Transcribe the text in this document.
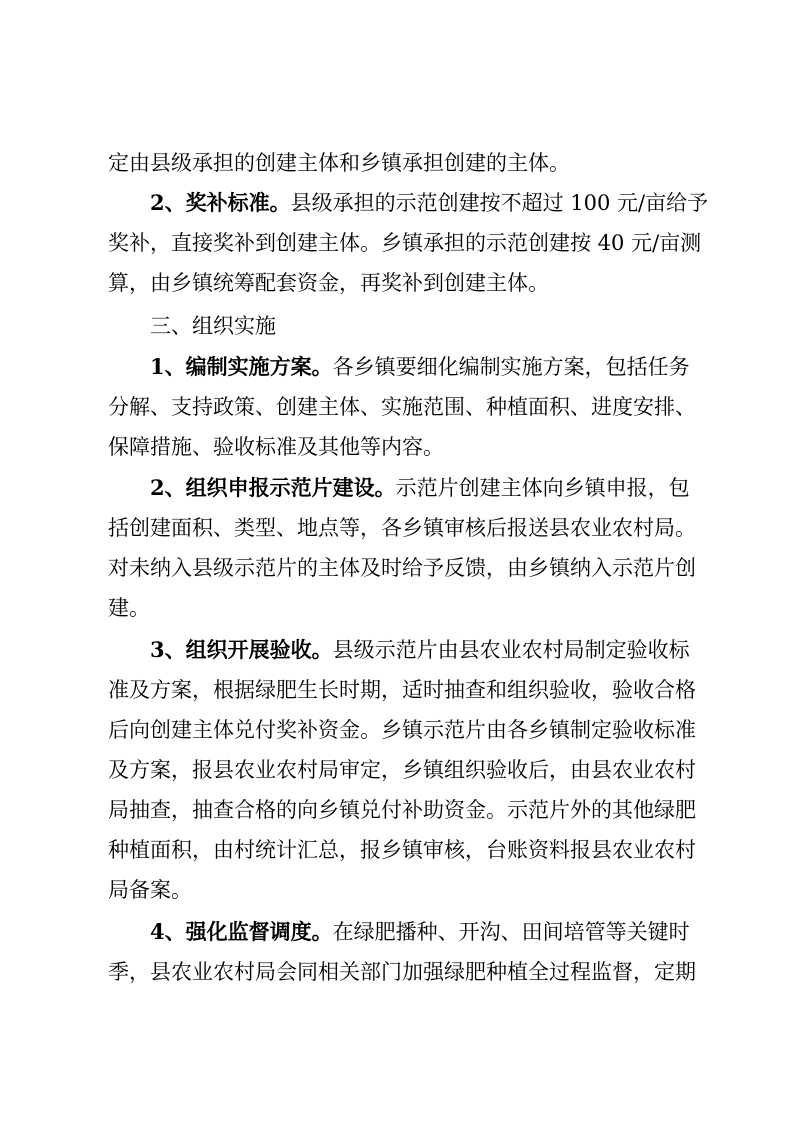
定由县级承担的创建主体和乡镇承担创建的主体。
2、奖补标准。县级承担的示范创建按不超过 100 元/亩给予
奖补，直接奖补到创建主体。乡镇承担的示范创建按 40 元/亩测
算，由乡镇统筹配套资金，再奖补到创建主体。
三、组织实施
1、编制实施方案。各乡镇要细化编制实施方案，包括任务
分解、支持政策、创建主体、实施范围、种植面积、进度安排、
保障措施、验收标准及其他等内容。
2、组织申报示范片建设。示范片创建主体向乡镇申报，包
括创建面积、类型、地点等，各乡镇审核后报送县农业农村局。
对未纳入县级示范片的主体及时给予反馈，由乡镇纳入示范片创
建。
3、组织开展验收。县级示范片由县农业农村局制定验收标
准及方案，根据绿肥生长时期，适时抽查和组织验收，验收合格
后向创建主体兑付奖补资金。乡镇示范片由各乡镇制定验收标准
及方案，报县农业农村局审定，乡镇组织验收后，由县农业农村
局抽查，抽查合格的向乡镇兑付补助资金。示范片外的其他绿肥
种植面积，由村统计汇总，报乡镇审核，台账资料报县农业农村
局备案。
4、强化监督调度。在绿肥播种、开沟、田间培管等关键时
季，县农业农村局会同相关部门加强绿肥种植全过程监督，定期
